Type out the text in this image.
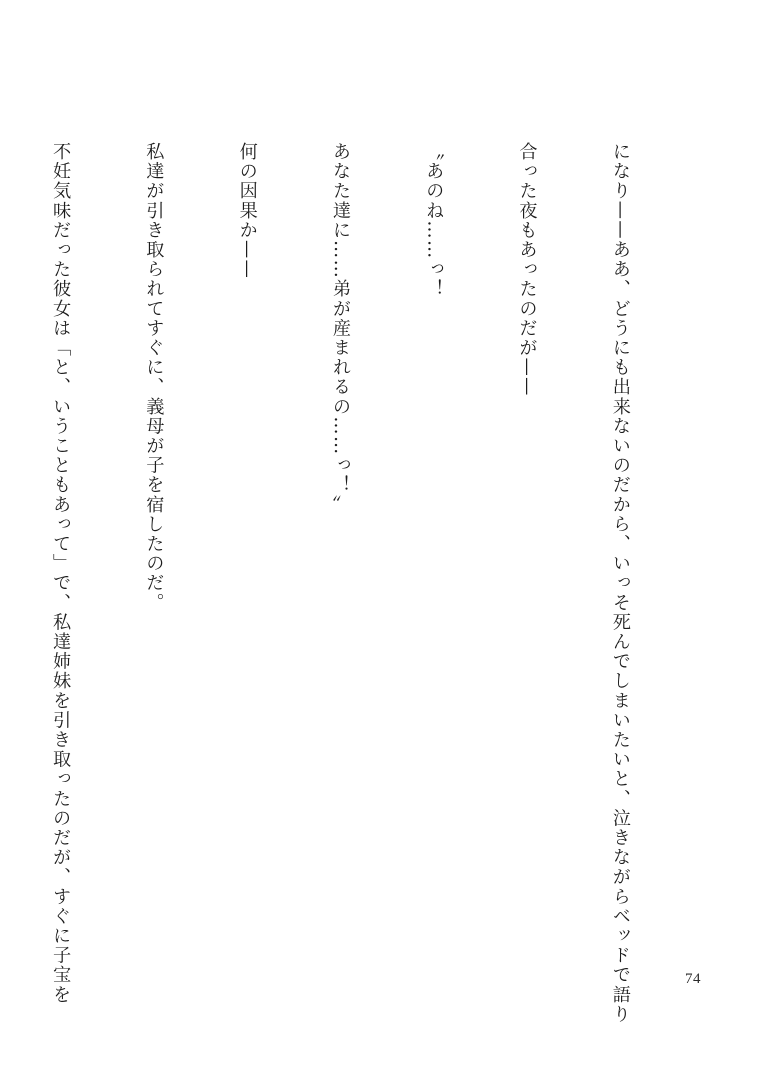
になり——ああ、どうにも出来ないのだから、いっそ死んでしまいたいと、泣きながらベッドで語り

合った夜もあったのだが——

〝あのね……っ！

あなた達に……弟が産まれるの……っ！〟

何の因果か——

私達が引き取られてすぐに、義母が子を宿したのだ。

不妊気味だった彼女は「と、いうこともあって」で、私達姉妹を引き取ったのだが、すぐに子宝を

	74
